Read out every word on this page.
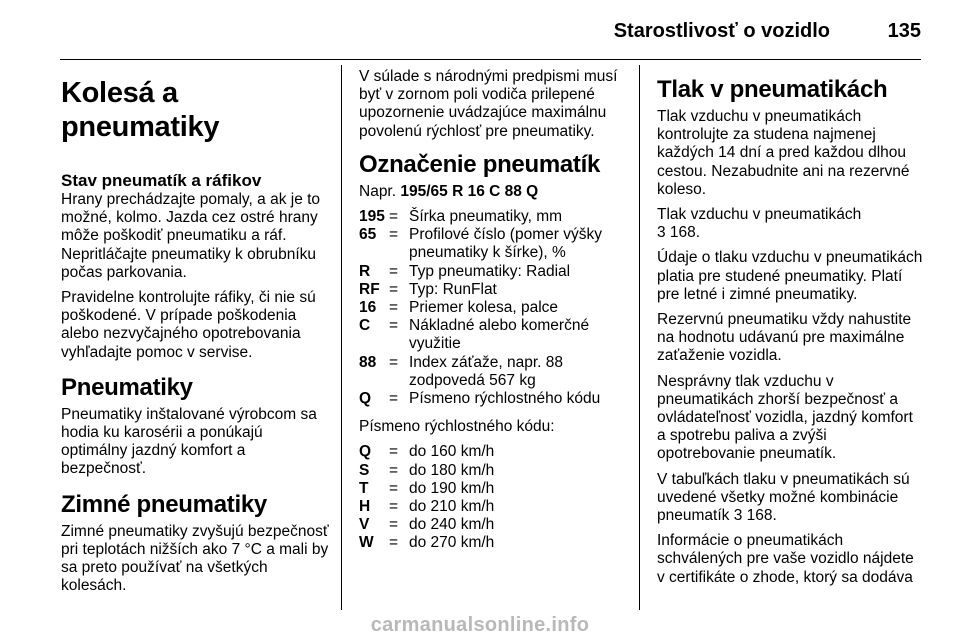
Starostlivosť o vozidlo	135
Kolesá a pneumatiky
Stav pneumatík a ráfikov

Hrany prechádzajte pomaly, a ak je to možné, kolmo. Jazda cez ostré hrany môže poškodiť pneumatiku a ráf. Nepritláčajte pneumatiky k obrubníku počas parkovania.

Pravidelne kontrolujte ráfiky, či nie sú poškodené. V prípade poškodenia alebo nezvyčajného opotrebovania vyhľadajte pomoc v servise.

Pneumatiky

Pneumatiky inštalované výrobcom sa hodia ku karosérii a ponúkajú optimálny jazdný komfort a bezpečnosť.

Zimné pneumatiky

Zimné pneumatiky zvyšujú bezpečnosť pri teplotách nižších ako 7 °C a mali by sa preto používať na všetkých kolesách.

V súlade s národnými predpismi musí byť v zornom poli vodiča prilepené upozornenie uvádzajúce maximálnu povolenú rýchlosť pre pneumatiky.

Označenie pneumatík

Napr. 195/65 R 16 C 88 Q

195	=	Šírka pneumatiky, mm
65	=	Profilové číslo (pomer výšky pneumatiky k šírke), %
R	=	Typ pneumatiky: Radial
RF	=	Typ: RunFlat
16	=	Priemer kolesa, palce
C	=	Nákladné alebo komerčné využitie
88	=	Index záťaže, napr. 88 zodpovedá 567 kg
Q	=	Písmeno rýchlostného kódu

Písmeno rýchlostného kódu:

Q	=	do 160 km/h
S	=	do 180 km/h
T	=	do 190 km/h
H	=	do 210 km/h
V	=	do 240 km/h
W	=	do 270 km/h
Tlak v pneumatikách

Tlak vzduchu v pneumatikách kontrolujte za studena najmenej každých 14 dní a pred každou dlhou cestou. Nezabudnite ani na rezervné koleso.

Tlak vzduchu v pneumatikách
3 168.

Údaje o tlaku vzduchu v pneumatikách platia pre studené pneumatiky. Platí pre letné i zimné pneumatiky.

Rezervnú pneumatiku vždy nahustite na hodnotu udávanú pre maximálne zaťaženie vozidla.

Nesprávny tlak vzduchu v pneumatikách zhorší bezpečnosť a ovládateľnosť vozidla, jazdný komfort a spotrebu paliva a zvýši opotrebovanie pneumatík.

V tabuľkách tlaku v pneumatikách sú uvedené všetky možné kombinácie pneumatík 3 168.

Informácie o pneumatikách schválených pre vaše vozidlo nájdete v certifikáte o zhode, ktorý sa dodáva

carmanualsonline.info
